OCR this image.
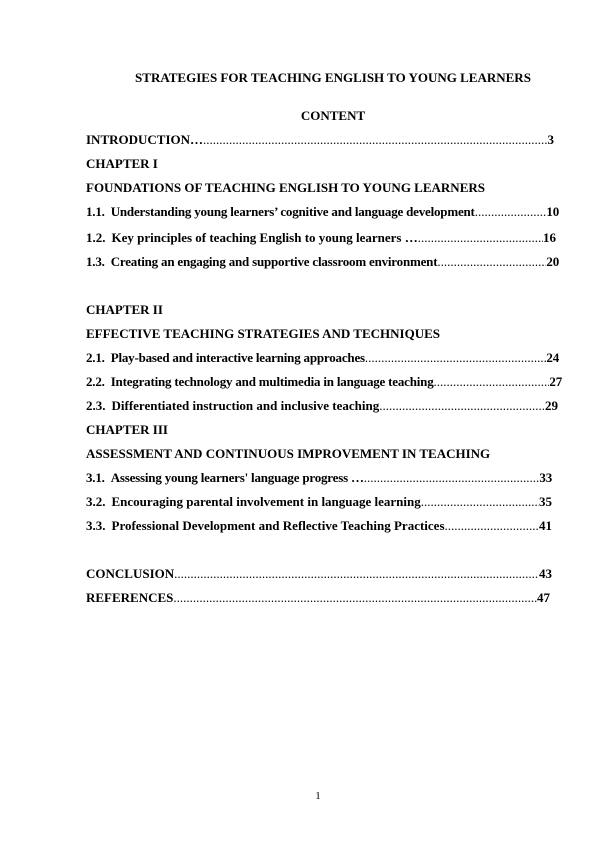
STRATEGIES FOR TEACHING ENGLISH TO YOUNG LEARNERS
CONTENT
INTRODUCTION… .....	3
CHAPTER I
FOUNDATIONS OF TEACHING ENGLISH TO YOUNG LEARNERS
1.1. Understanding young learners’ cognitive and language development .....	10
1.2. Key principles of teaching English to young learners … .....	16
1.3. Creating an engaging and supportive classroom environment .....	20
CHAPTER II
EFFECTIVE TEACHING STRATEGIES AND TECHNIQUES
2.1. Play-based and interactive learning approaches .....	24
2.2. Integrating technology and multimedia in language teaching .....	27
2.3. Differentiated instruction and inclusive teaching .....	29
CHAPTER III
ASSESSMENT AND CONTINUOUS IMPROVEMENT IN TEACHING
3.1. Assessing young learners' language progress … .....	33
3.2. Encouraging parental involvement in language learning .....	35
3.3. Professional Development and Reflective Teaching Practices .....	41
CONCLUSION .....	43
REFERENCES .....	47
1
